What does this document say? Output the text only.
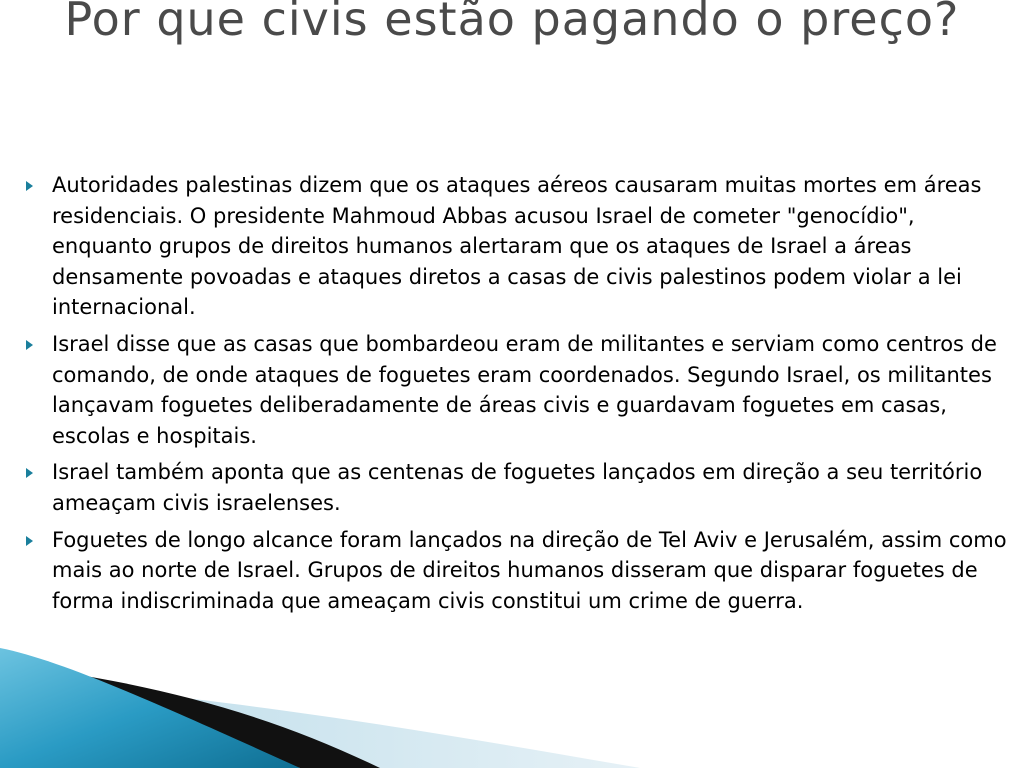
Por que civis estão pagando o preço?
Autoridades palestinas dizem que os ataques aéreos causaram muitas mortes em áreas residenciais. O presidente Mahmoud Abbas acusou Israel de cometer "genocídio", enquanto grupos de direitos humanos alertaram que os ataques de Israel a áreas densamente povoadas e ataques diretos a casas de civis palestinos podem violar a lei internacional.
Israel disse que as casas que bombardeou eram de militantes e serviam como centros de comando, de onde ataques de foguetes eram coordenados. Segundo Israel, os militantes lançavam foguetes deliberadamente de áreas civis e guardavam foguetes em casas, escolas e hospitais.
Israel também aponta que as centenas de foguetes lançados em direção a seu território ameaçam civis israelenses.
Foguetes de longo alcance foram lançados na direção de Tel Aviv e Jerusalém, assim como mais ao norte de Israel. Grupos de direitos humanos disseram que disparar foguetes de forma indiscriminada que ameaçam civis constitui um crime de guerra.
